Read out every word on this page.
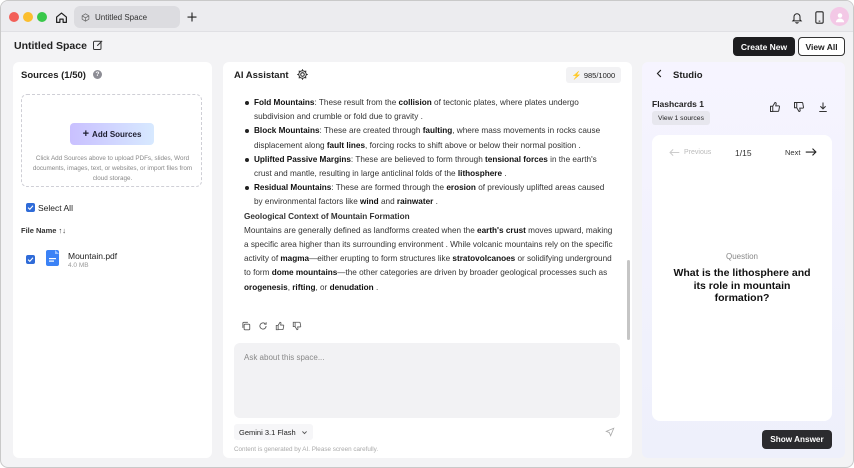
Untitled Space
Untitled Space	Create New	View All
Sources (1/50)	?
+ Add Sources
Click Add Sources above to upload PDFs, slides, Word documents, images, text, or websites, or import files from cloud storage.
Select All
File Name ↑↓
Mountain.pdf
4.0 MB
AI Assistant	⚡ 985/1000
Fold Mountains: These result from the collision of tectonic plates, where plates undergo subdivision and crumble or fold due to gravity .
Block Mountains: These are created through faulting, where mass movements in rocks cause displacement along fault lines, forcing rocks to shift above or below their normal position .
Uplifted Passive Margins: These are believed to form through tensional forces in the earth's crust and mantle, resulting in large anticlinal folds of the lithosphere .
Residual Mountains: These are formed through the erosion of previously uplifted areas caused by environmental factors like wind and rainwater .
Geological Context of Mountain Formation
Mountains are generally defined as landforms created when the earth's crust moves upward, making a specific area higher than its surrounding environment . While volcanic mountains rely on the specific activity of magma—either erupting to form structures like stratovolcanoes or solidifying underground to form dome mountains—the other categories are driven by broader geological processes such as orogenesis, rifting, or denudation .
Ask about this space...
Gemini 3.1 Flash
Content is generated by AI. Please screen carefully.
Studio
Flashcards 1
View 1 sources
Previous	1/15	Next
Question
What is the lithosphere and its role in mountain formation?
Show Answer
